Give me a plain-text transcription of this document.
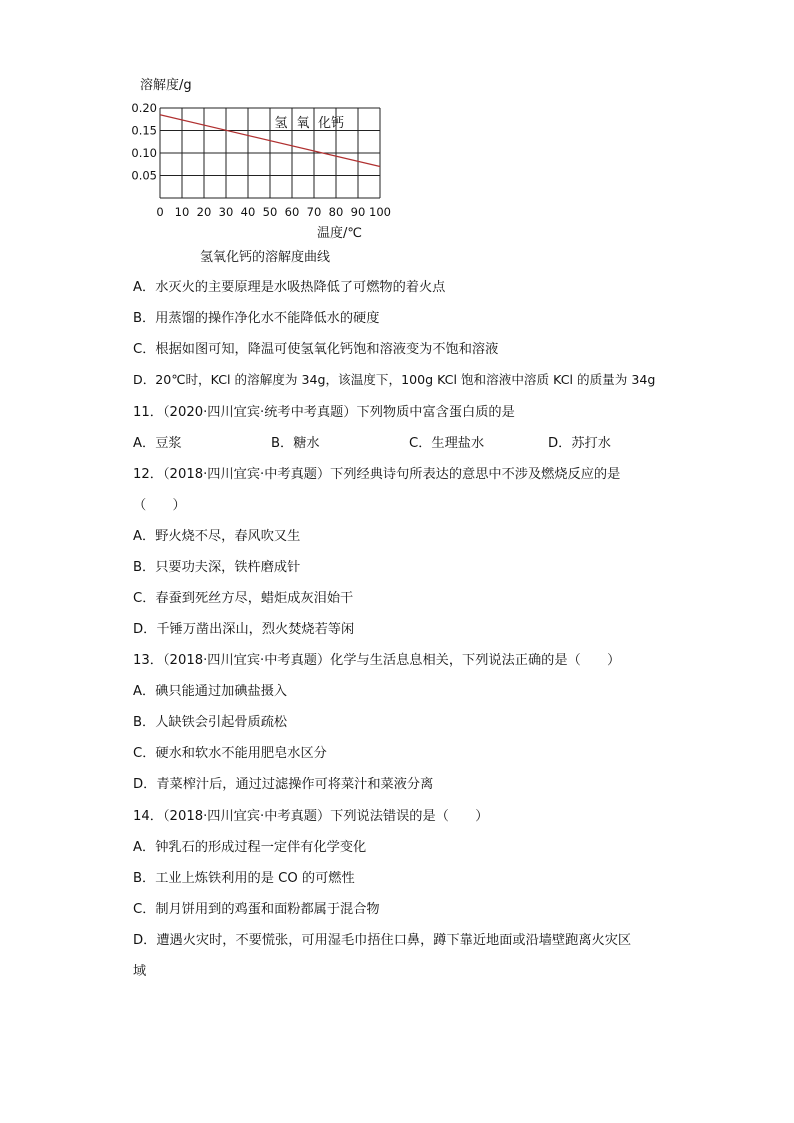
溶解度/g
0.20
0.15
0.10
0.05
0 10 20 30 40 50 60 70 80 90 100
氢 氧 化钙
温度/℃
氢氧化钙的溶解度曲线
A．水灭火的主要原理是水吸热降低了可燃物的着火点
B．用蒸馏的操作净化水不能降低水的硬度
C．根据如图可知，降温可使氢氧化钙饱和溶液变为不饱和溶液
D．20℃时，KCl 的溶解度为 34g，该温度下，100g KCl 饱和溶液中溶质 KCl 的质量为 34g
11．（2020·四川宜宾·统考中考真题）下列物质中富含蛋白质的是
A．豆浆	B．糖水	C．生理盐水	D．苏打水
12．（2018·四川宜宾·中考真题）下列经典诗句所表达的意思中不涉及燃烧反应的是
（　　）
A．野火烧不尽，春风吹又生
B．只要功夫深，铁杵磨成针
C．春蚕到死丝方尽，蜡炬成灰泪始干
D．千锤万凿出深山，烈火焚烧若等闲
13．（2018·四川宜宾·中考真题）化学与生活息息相关，下列说法正确的是（　　）
A．碘只能通过加碘盐摄入
B．人缺铁会引起骨质疏松
C．硬水和软水不能用肥皂水区分
D．青菜榨汁后，通过过滤操作可将菜汁和菜液分离
14．（2018·四川宜宾·中考真题）下列说法错误的是（　　）
A．钟乳石的形成过程一定伴有化学变化
B．工业上炼铁利用的是 CO 的可燃性
C．制月饼用到的鸡蛋和面粉都属于混合物
D．遭遇火灾时，不要慌张，可用湿毛巾捂住口鼻，蹲下靠近地面或沿墙壁跑离火灾区
域
